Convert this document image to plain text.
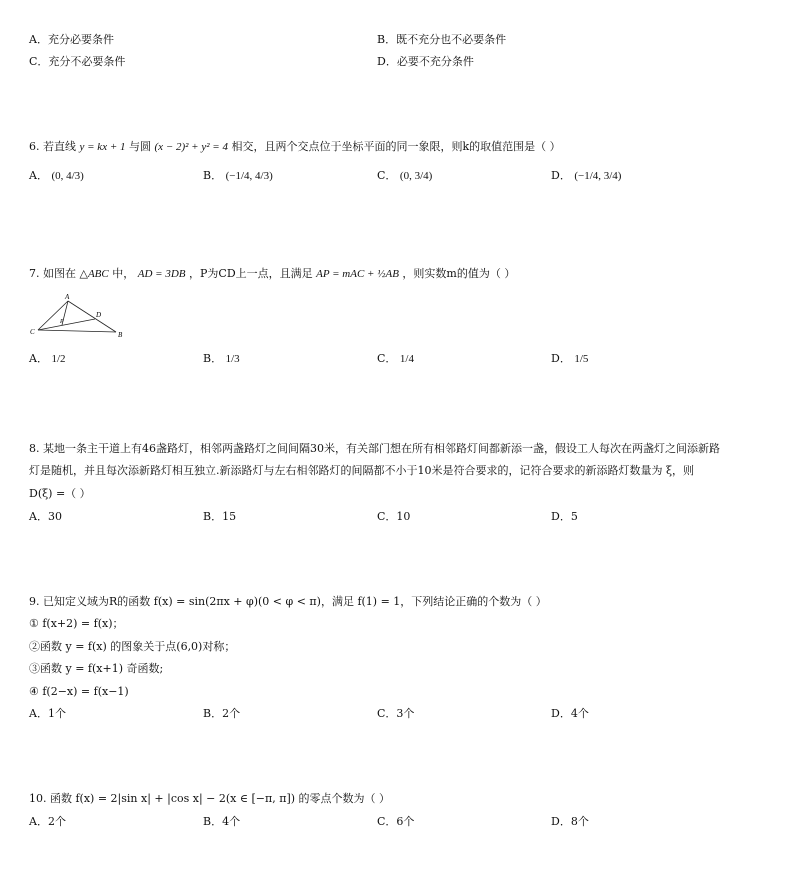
A．充分必要条件	B．既不充分也不必要条件
C．充分不必要条件	D．必要不充分条件
6. 若直线 y = kx + 1 与圆 (x − 2)² + y² = 4 相交，且两个交点位于坐标平面的同一象限，则k的取值范围是（ ）
A． (0, 4/3)	B． (−1/4, 4/3)	C． (0, 3/4)	D． (−1/4, 3/4)
7. 如图在 △ABC 中， AD = 3DB ，P为CD上一点，且满足 AP = mAC + ½AB ，则实数m的值为（ ）
A
B
C
D
P
A． 1/2	B． 1/3	C． 1/4	D． 1/5
8. 某地一条主干道上有46盏路灯，相邻两盏路灯之间间隔30米，有关部门想在所有相邻路灯间都新添一盏，假设工人每次在两盏灯之间添新路
灯是随机，并且每次添新路灯相互独立.新添路灯与左右相邻路灯的间隔都不小于10米是符合要求的，记符合要求的新添路灯数量为 ξ，则
D(ξ) =（ ）
A．30	B．15	C．10	D．5
9. 已知定义域为R的函数 f(x) = sin(2πx + φ)(0 < φ < π)，满足 f(1) = 1，下列结论正确的个数为（ ）
① f(x+2) = f(x)；
②函数 y = f(x) 的图象关于点(6,0)对称；
③函数 y = f(x+1) 奇函数;
④ f(2−x) = f(x−1)
A．1个	B．2个	C．3个	D．4个
10. 函数 f(x) = 2|sin x| + |cos x| − 2(x ∈ [−π, π]) 的零点个数为（ ）
A．2个	B．4个	C．6个	D．8个
